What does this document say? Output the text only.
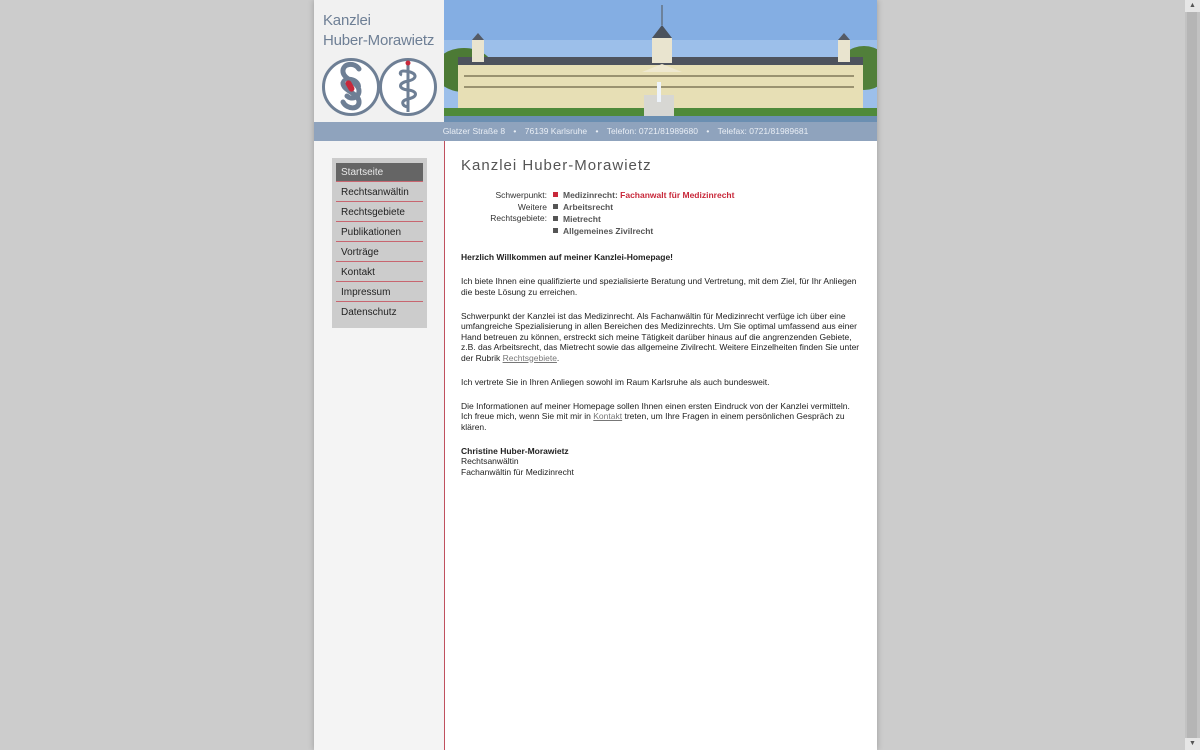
Kanzlei
Huber-Morawietz
Glatzer Straße 8 • 76139 Karlsruhe • Telefon: 0721/81989680 • Telefax: 0721/81989681
Startseite
Rechtsanwältin
Rechtsgebiete
Publikationen
Vorträge
Kontakt
Impressum
Datenschutz
Kanzlei Huber-Morawietz
Schwerpunkt:	Medizinrecht: Fachanwalt für Medizinrecht
Weitere Rechtsgebiete:
Arbeitsrecht
Mietrecht
Allgemeines Zivilrecht

Herzlich Willkommen auf meiner Kanzlei-Homepage!

Ich biete Ihnen eine qualifizierte und spezialisierte Beratung und Vertretung, mit dem Ziel, für Ihr Anliegen die beste Lösung zu erreichen.

Schwerpunkt der Kanzlei ist das Medizinrecht. Als Fachanwältin für Medizinrecht verfüge ich über eine umfangreiche Spezialisierung in allen Bereichen des Medizinrechts. Um Sie optimal umfassend aus einer Hand betreuen zu können, erstreckt sich meine Tätigkeit darüber hinaus auf die angrenzenden Gebiete, z.B. das Arbeitsrecht, das Mietrecht sowie das allgemeine Zivilrecht. Weitere Einzelheiten finden Sie unter der Rubrik Rechtsgebiete.

Ich vertrete Sie in Ihren Anliegen sowohl im Raum Karlsruhe als auch bundesweit.

Die Informationen auf meiner Homepage sollen Ihnen einen ersten Eindruck von der Kanzlei vermitteln. Ich freue mich, wenn Sie mit mir in Kontakt treten, um Ihre Fragen in einem persönlichen Gespräch zu klären.

Christine Huber-Morawietz
Rechtsanwältin
Fachanwältin für Medizinrecht
▲
▼
